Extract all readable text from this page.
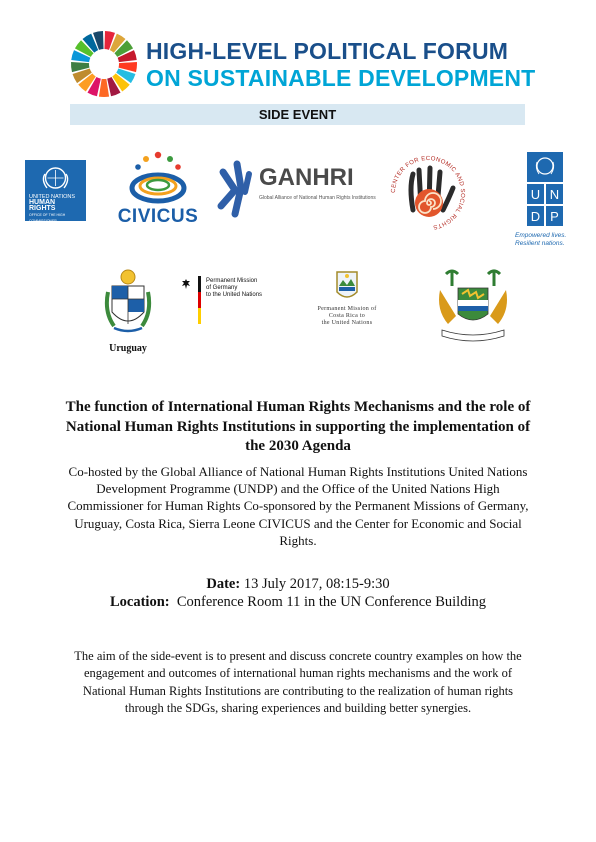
HIGH-LEVEL POLITICAL FORUM
ON SUSTAINABLE DEVELOPMENT
SIDE EVENT
UNITED NATIONS
HUMAN RIGHTS
OFFICE OF THE HIGH COMMISSIONER	CIVICUS
GANHRI
Global Alliance of National Human Rights Institutions
CENTER FOR ECONOMIC AND SOCIAL RIGHTS
U N
D P
Empowered lives.
Resilient nations.
Uruguay
Permanent Mission
of Germany
to the United Nations
Permanent Mission of
Costa Rica to
the United Nations
The function of International Human Rights Mechanisms and the role of National Human Rights Institutions in supporting the implementation of the 2030 Agenda
Co-hosted by the Global Alliance of National Human Rights Institutions United Nations Development Programme (UNDP) and the Office of the United Nations High Commissioner for Human Rights Co-sponsored by the Permanent Missions of Germany, Uruguay, Costa Rica, Sierra Leone CIVICUS and the Center for Economic and Social Rights.
Date: 13 July 2017, 08:15-9:30
Location:  Conference Room 11 in the UN Conference Building
The aim of the side-event is to present and discuss concrete country examples on how the engagement and outcomes of international human rights mechanisms and the work of National Human Rights Institutions are contributing to the realization of human rights through the SDGs, sharing experiences and building better synergies.
